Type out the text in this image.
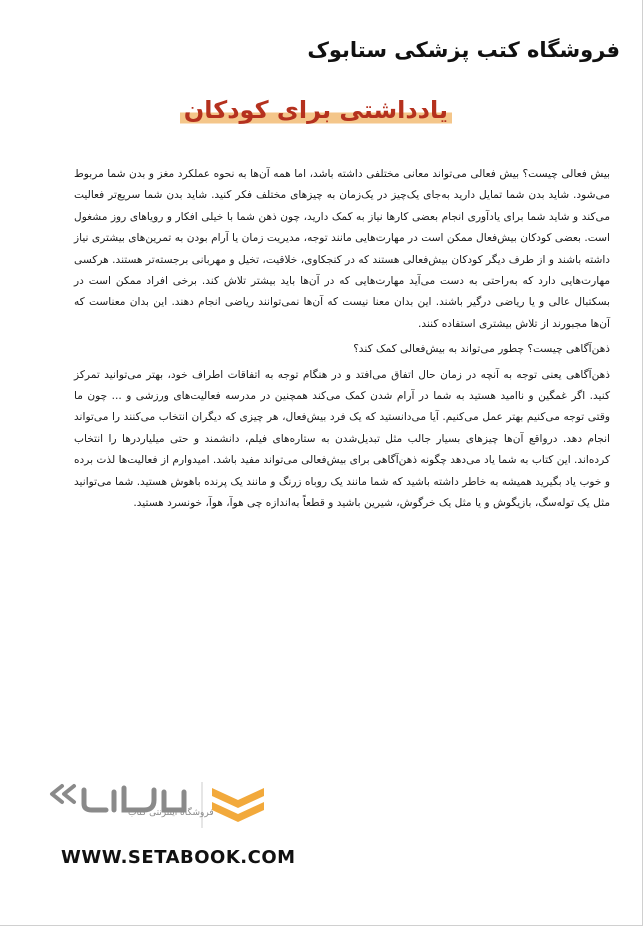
فروشگاه کتب پزشکی ستابوک
یادداشتی برای کودکان

بیش فعالی چیست؟ بیش فعالی می‌تواند معانی مختلفی داشته باشد، اما همه آن‌ها به نحوه عملکرد مغز و بدن شما مربوط می‌شود. شاید بدن شما تمایل دارید به‌جای یک‌چیز در یک‌زمان به چیزهای مختلف فکر کنید. شاید بدن شما سریع‌تر فعالیت می‌کند و شاید شما برای یادآوری انجام بعضی کارها نیاز به کمک دارید، چون ذهن شما با خیلی افکار و رویاهای روز مشغول است. بعضی کودکان بیش‌فعال ممکن است در مهارت‌هایی مانند توجه، مدیریت زمان یا آرام بودن به تمرین‌های بیشتری نیاز داشته باشند و از طرف دیگر کودکان بیش‌فعالی هستند که در کنجکاوی، خلاقیت، تخیل و مهربانی برجسته‌تر هستند. هرکسی مهارت‌هایی دارد که به‌راحتی به دست می‌آید مهارت‌هایی که در آن‌ها باید بیشتر تلاش کند. برخی افراد ممکن است در بسکتبال عالی و یا ریاضی درگیر باشند. این بدان معنا نیست که آن‌ها نمی‌توانند ریاضی انجام دهند. این بدان معناست که آن‌ها مجبورند از تلاش بیشتری استفاده کنند.

ذهن‌آگاهی چیست؟ چطور می‌تواند به بیش‌فعالی کمک کند؟

ذهن‌آگاهی یعنی توجه به آنچه در زمان حال اتفاق می‌افتد و در هنگام توجه به اتفاقات اطراف خود، بهتر می‌توانید تمرکز کنید. اگر غمگین و ناامید هستید به شما در آرام شدن کمک می‌کند همچنین در مدرسه فعالیت‌های ورزشی و ... چون ما وقتی توجه می‌کنیم بهتر عمل می‌کنیم. آیا می‌دانستید که یک فرد بیش‌فعال، هر چیزی که دیگران انتخاب می‌کنند را می‌تواند انجام دهد. درواقع آن‌ها چیزهای بسیار جالب مثل تبدیل‌شدن به ستاره‌های فیلم، دانشمند و حتی میلیاردرها را انتخاب کرده‌اند. این کتاب به شما یاد می‌دهد چگونه ذهن‌آگاهی برای بیش‌فعالی می‌تواند مفید باشد. امیدوارم از فعالیت‌ها لذت برده و خوب یاد بگیرید همیشه به خاطر داشته باشید که شما مانند یک روباه زرنگ و مانند یک پرنده باهوش هستید. شما می‌توانید مثل یک توله‌سگ، بازیگوش و یا مثل یک خرگوش، شیرین باشید و قطعاً به‌اندازه چی هوآ، هوآ، خونسرد هستید.

فروشگاه اینترنتی کتاب
WWW.SETABOOK.COM
